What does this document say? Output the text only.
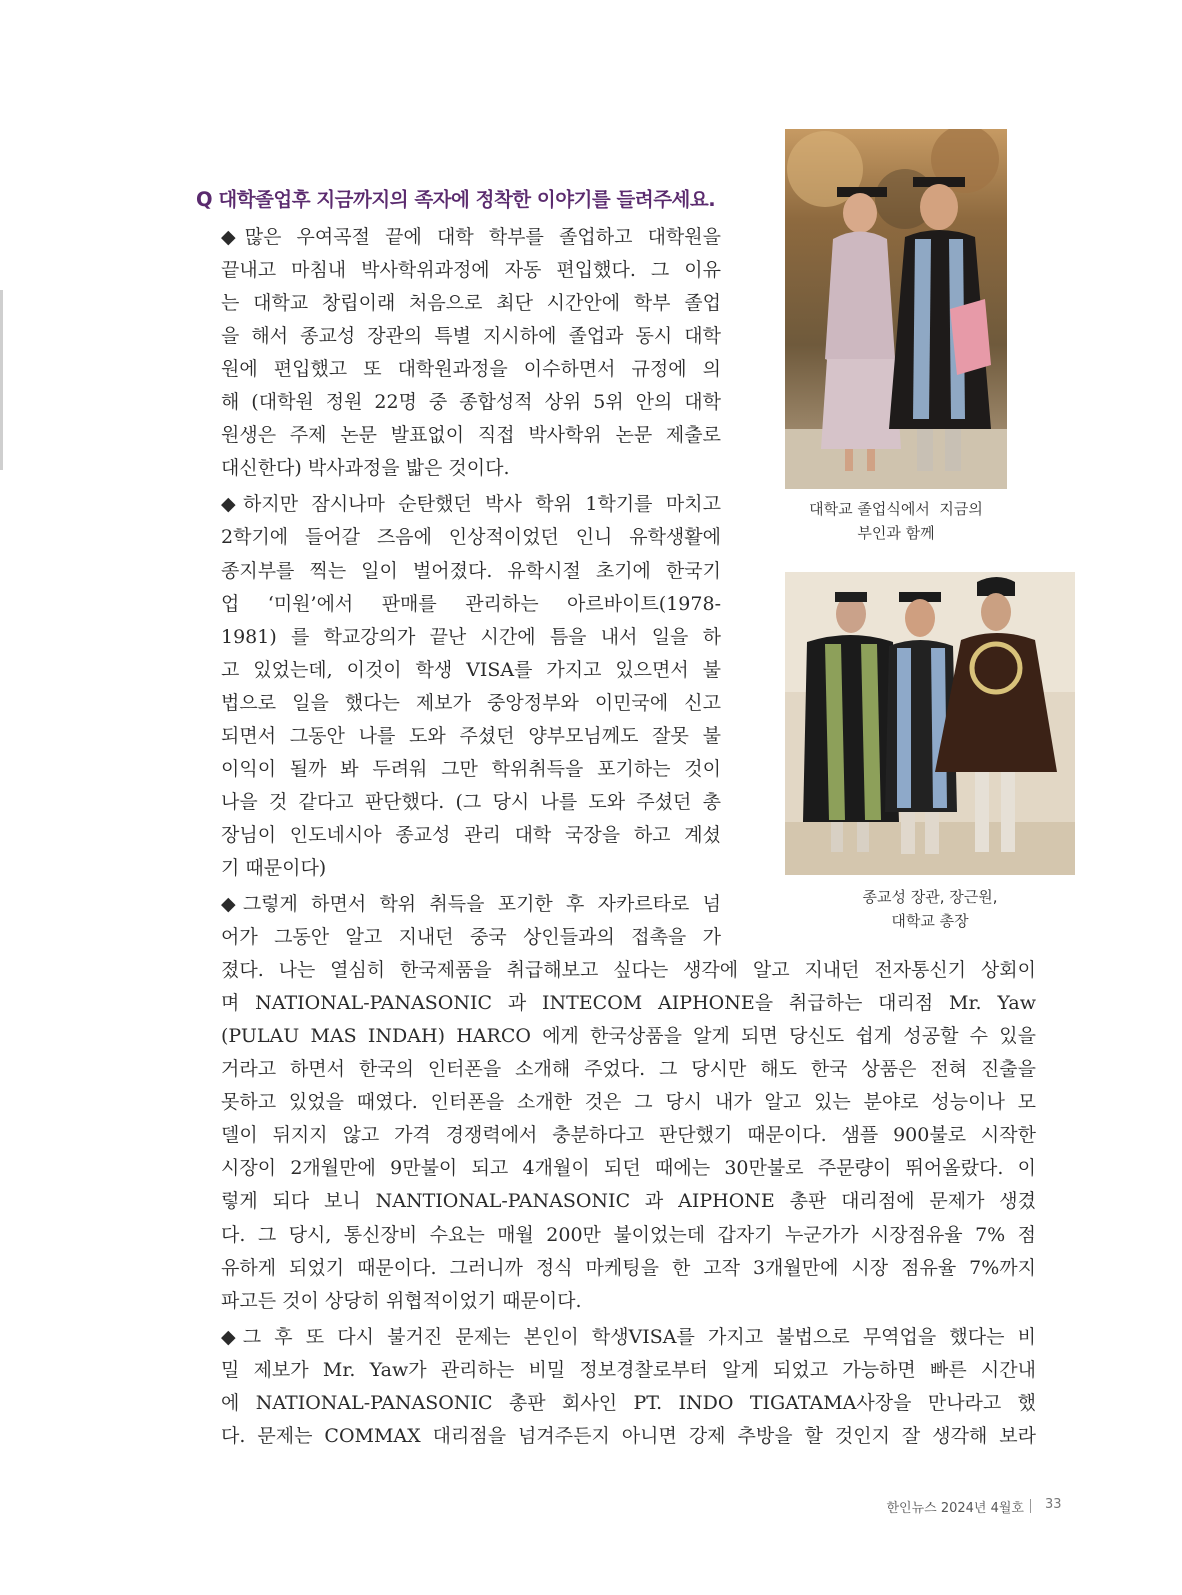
Q 대학졸업후 지금까지의 족자에 정착한 이야기를 들려주세요.
◆많은 우여곡절 끝에 대학 학부를 졸업하고 대학원을
끝내고 마침내 박사학위과정에 자동 편입했다. 그 이유
는 대학교 창립이래 처음으로 최단 시간안에 학부 졸업
을 해서 종교성 장관의 특별 지시하에 졸업과 동시 대학
원에 편입했고 또 대학원과정을 이수하면서 규정에 의
해 (대학원 정원 22명 중 종합성적 상위 5위 안의 대학
원생은 주제 논문 발표없이 직접 박사학위 논문 제출로
대신한다) 박사과정을 밟은 것이다.
◆하지만 잠시나마 순탄했던 박사 학위 1학기를 마치고
2학기에 들어갈 즈음에 인상적이었던 인니 유학생활에
종지부를 찍는 일이 벌어졌다. 유학시절 초기에 한국기
업 ‘미원’에서 판매를 관리하는 아르바이트(1978-
1981) 를 학교강의가 끝난 시간에 틈을 내서 일을 하
고 있었는데, 이것이 학생 VISA를 가지고 있으면서 불
법으로 일을 했다는 제보가 중앙정부와 이민국에 신고
되면서 그동안 나를 도와 주셨던 양부모님께도 잘못 불
이익이 될까 봐 두려워 그만 학위취득을 포기하는 것이
나을 것 같다고 판단했다. (그 당시 나를 도와 주셨던 총
장님이 인도네시아 종교성 관리 대학 국장을 하고 계셨
기 때문이다)
◆그렇게 하면서 학위 취득을 포기한 후 자카르타로 넘
어가 그동안 알고 지내던 중국 상인들과의 접촉을 가
졌다. 나는 열심히 한국제품을 취급해보고 싶다는 생각에 알고 지내던 전자통신기 상회이
며 NATIONAL-PANASONIC 과 INTECOM AIPHONE을 취급하는 대리점 Mr. Yaw
(PULAU MAS INDAH) HARCO 에게 한국상품을 알게 되면 당신도 쉽게 성공할 수 있을
거라고 하면서 한국의 인터폰을 소개해 주었다. 그 당시만 해도 한국 상품은 전혀 진출을
못하고 있었을 때였다. 인터폰을 소개한 것은 그 당시 내가 알고 있는 분야로 성능이나 모
델이 뒤지지 않고 가격 경쟁력에서 충분하다고 판단했기 때문이다. 샘플 900불로 시작한
시장이 2개월만에 9만불이 되고 4개월이 되던 때에는 30만불로 주문량이 뛰어올랐다. 이
렇게 되다 보니 NANTIONAL-PANASONIC 과 AIPHONE 총판 대리점에 문제가 생겼
다. 그 당시, 통신장비 수요는 매월 200만 불이었는데 갑자기 누군가가 시장점유율 7% 점
유하게 되었기 때문이다. 그러니까 정식 마케팅을 한 고작 3개월만에 시장 점유율 7%까지
파고든 것이 상당히 위협적이었기 때문이다.
◆그 후 또 다시 불거진 문제는 본인이 학생VISA를 가지고 불법으로 무역업을 했다는 비
밀 제보가 Mr. Yaw가 관리하는 비밀 정보경찰로부터 알게 되었고 가능하면 빠른 시간내
에 NATIONAL-PANASONIC 총판 회사인 PT. INDO TIGATAMA사장을 만나라고 했
다. 문제는 COMMAX 대리점을 넘겨주든지 아니면 강제 추방을 할 것인지 잘 생각해 보라
대학교 졸업식에서  지금의
부인과 함께
종교성 장관, 장근원,
대학교 총장
한인뉴스 2024년 4월호 33
